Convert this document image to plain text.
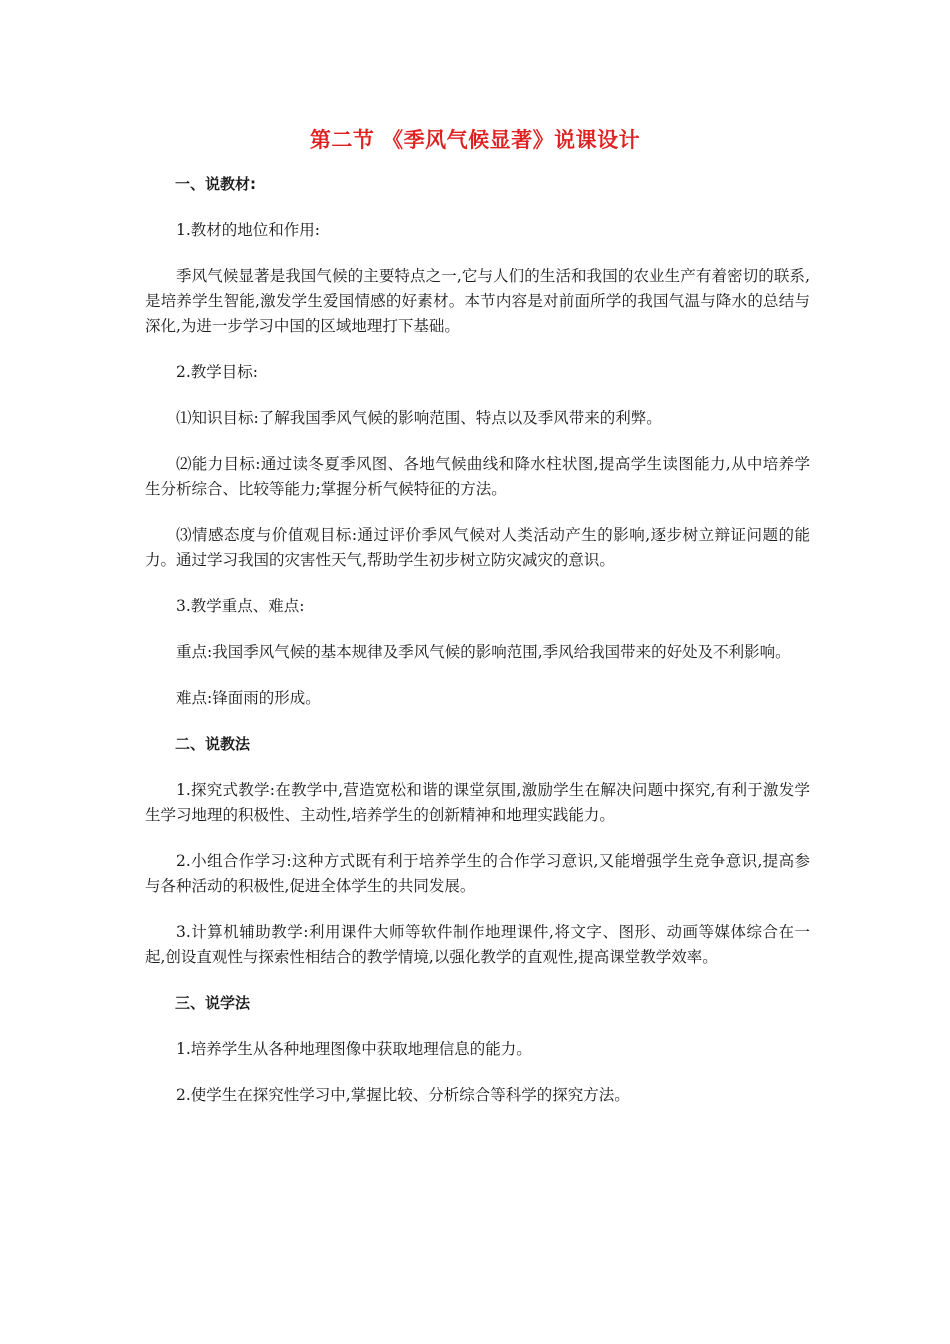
第二节 《季风气候显著》说课设计

一、说教材:

1.教材的地位和作用:

季风气候显著是我国气候的主要特点之一,它与人们的生活和我国的农业生产有着密切的联系,是培养学生智能,激发学生爱国情感的好素材。本节内容是对前面所学的我国气温与降水的总结与深化,为进一步学习中国的区域地理打下基础。

2.教学目标:

⑴知识目标:了解我国季风气候的影响范围、特点以及季风带来的利弊。

⑵能力目标:通过读冬夏季风图、各地气候曲线和降水柱状图,提高学生读图能力,从中培养学生分析综合、比较等能力;掌握分析气候特征的方法。

⑶情感态度与价值观目标:通过评价季风气候对人类活动产生的影响,逐步树立辩证问题的能力。通过学习我国的灾害性天气,帮助学生初步树立防灾减灾的意识。

3.教学重点、难点:

重点:我国季风气候的基本规律及季风气候的影响范围,季风给我国带来的好处及不利影响。

难点:锋面雨的形成。

二、说教法

1.探究式教学:在教学中,营造宽松和谐的课堂氛围,激励学生在解决问题中探究,有利于激发学生学习地理的积极性、主动性,培养学生的创新精神和地理实践能力。

2.小组合作学习:这种方式既有利于培养学生的合作学习意识,又能增强学生竞争意识,提高参与各种活动的积极性,促进全体学生的共同发展。

3.计算机辅助教学:利用课件大师等软件制作地理课件,将文字、图形、动画等媒体综合在一起,创设直观性与探索性相结合的教学情境,以强化教学的直观性,提高课堂教学效率。

三、说学法

1.培养学生从各种地理图像中获取地理信息的能力。

2.使学生在探究性学习中,掌握比较、分析综合等科学的探究方法。
